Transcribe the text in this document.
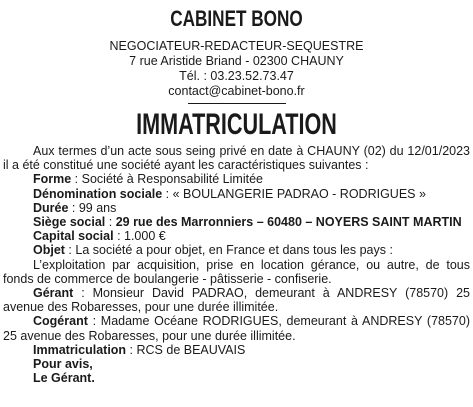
CABINET BONO
NEGOCIATEUR-REDACTEUR-SEQUESTRE
7 rue Aristide Briand - 02300 CHAUNY
Tél. : 03.23.52.73.47
contact@cabinet-bono.fr
IMMATRICULATION

Aux termes d’un acte sous seing privé en date à CHAUNY (02) du 12/01/2023 il a été constitué une société ayant les caractéristiques suivantes :

Forme : Société à Responsabilité Limitée

Dénomination sociale : « BOULANGERIE PADRAO - RODRIGUES »

Durée : 99 ans

Siège social : 29 rue des Marronniers – 60480 – NOYERS SAINT MARTIN

Capital social : 1.000 €

Objet : La société a pour objet, en France et dans tous les pays :

L’exploitation par acquisition, prise en location gérance, ou autre, de tous fonds de commerce de boulangerie - pâtisserie - confiserie.

Gérant : Monsieur David PADRAO, demeurant à ANDRESY (78570) 25 avenue des Robaresses, pour une durée illimitée.

Cogérant : Madame Océane RODRIGUES, demeurant à ANDRESY (78570) 25 avenue des Robaresses, pour une durée illimitée.

Immatriculation : RCS de BEAUVAIS

Pour avis,

Le Gérant.
